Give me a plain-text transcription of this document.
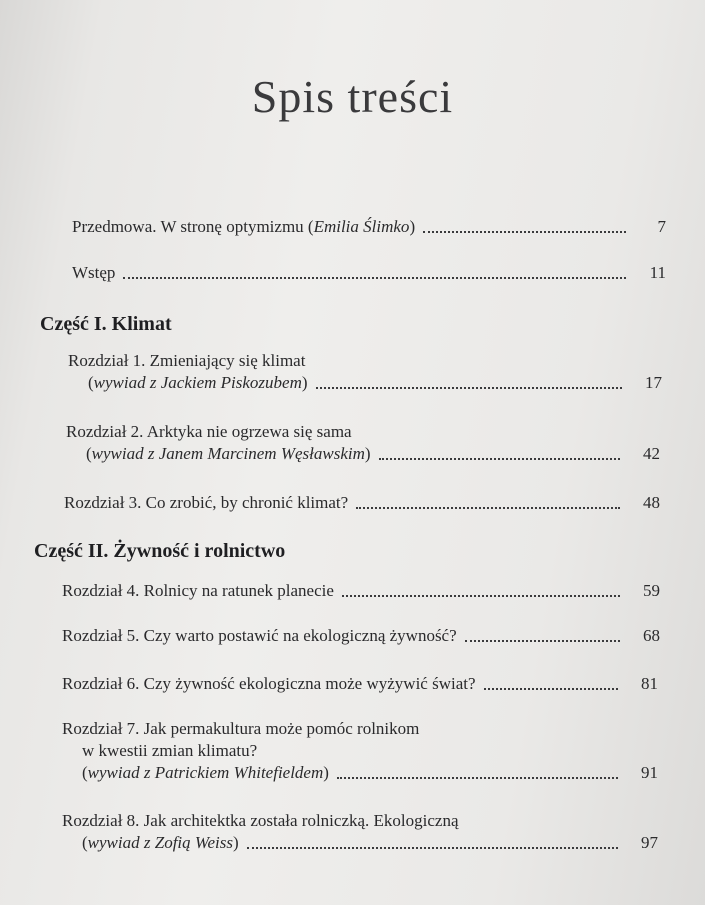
Spis treści
Przedmowa. W stronę optymizmu (Emilia Ślimko)	7
Wstęp	11
Część I. Klimat
Rozdział 1. Zmieniający się klimat
(wywiad z Jackiem Piskozubem)	17
Rozdział 2. Arktyka nie ogrzewa się sama
(wywiad z Janem Marcinem Węsławskim)	42
Rozdział 3. Co zrobić, by chronić klimat?	48
Część II. Żywność i rolnictwo
Rozdział 4. Rolnicy na ratunek planecie	59
Rozdział 5. Czy warto postawić na ekologiczną żywność?	68
Rozdział 6. Czy żywność ekologiczna może wyżywić świat?	81
Rozdział 7. Jak permakultura może pomóc rolnikom
w kwestii zmian klimatu?
(wywiad z Patrickiem Whitefieldem)	91
Rozdział 8. Jak architektka została rolniczką. Ekologiczną
(wywiad z Zofią Weiss)	97
